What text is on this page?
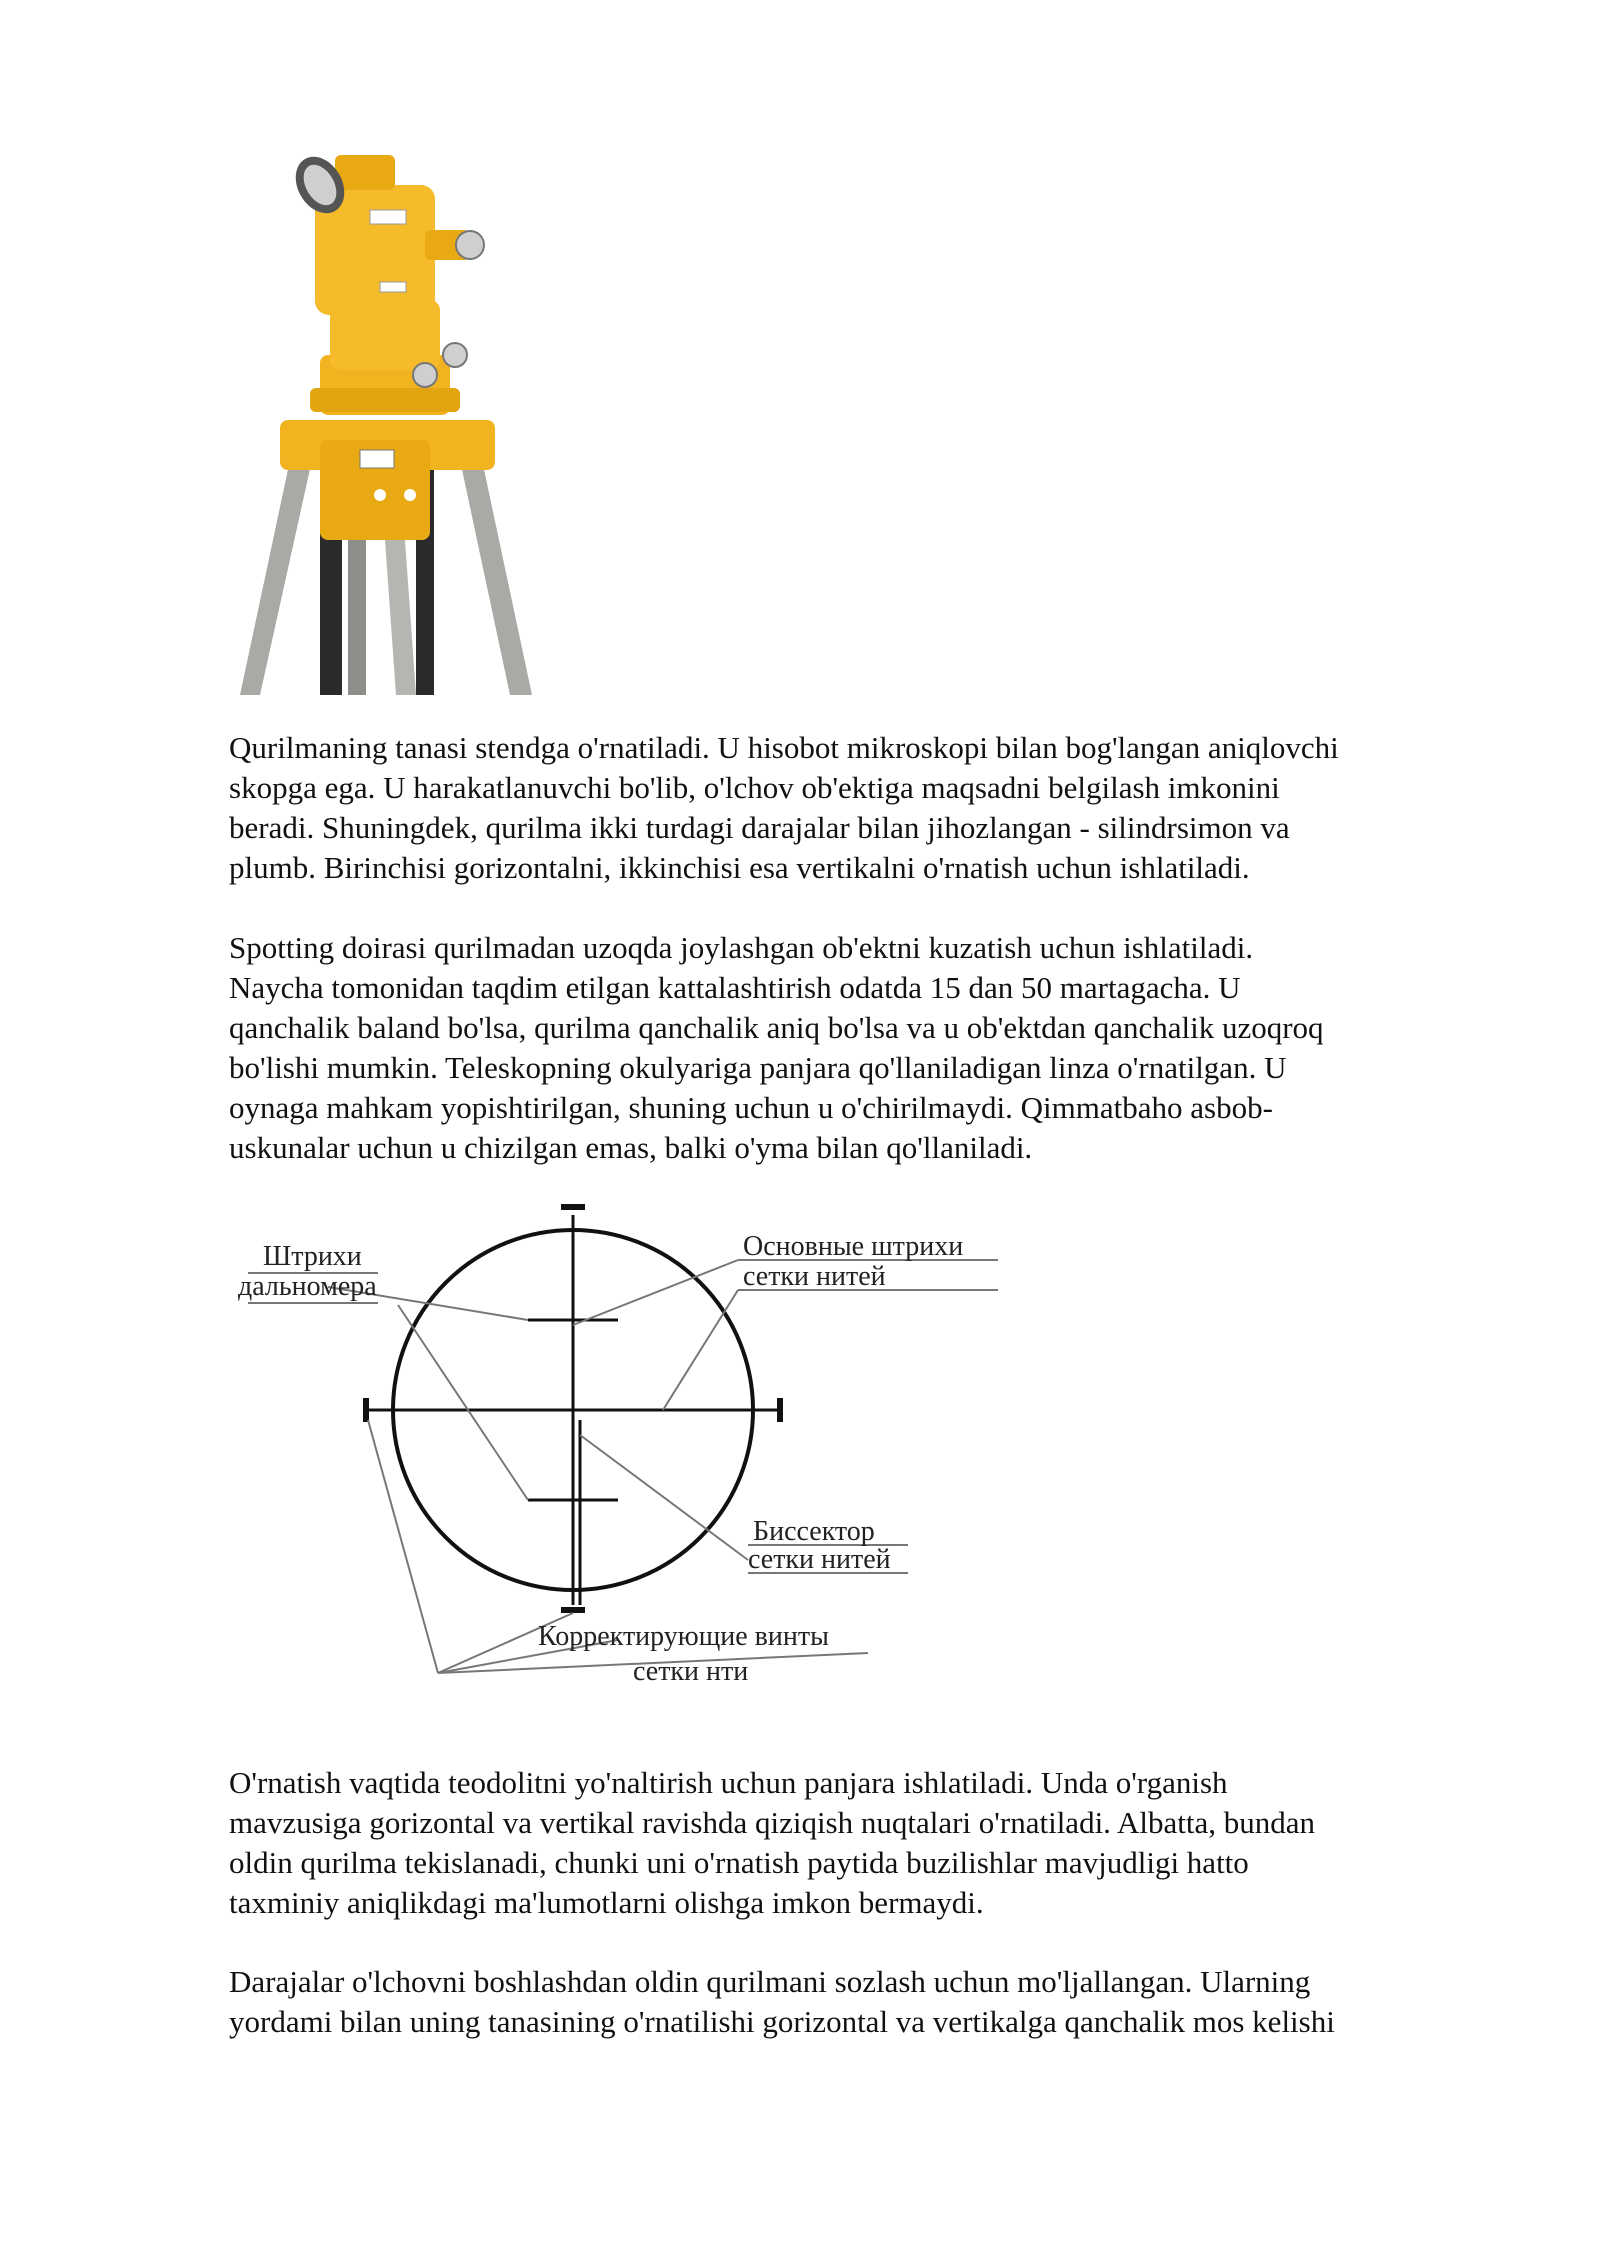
Qurilmaning tanasi stendga o'rnatiladi. U hisobot mikroskopi bilan bog'langan aniqlovchi
skopga ega. U harakatlanuvchi bo'lib, o'lchov ob'ektiga maqsadni belgilash imkonini
beradi. Shuningdek, qurilma ikki turdagi darajalar bilan jihozlangan - silindrsimon va
plumb. Birinchisi gorizontalni, ikkinchisi esa vertikalni o'rnatish uchun ishlatiladi.

Spotting doirasi qurilmadan uzoqda joylashgan ob'ektni kuzatish uchun ishlatiladi.
Naycha tomonidan taqdim etilgan kattalashtirish odatda 15 dan 50 martagacha. U
qanchalik baland bo'lsa, qurilma qanchalik aniq bo'lsa va u ob'ektdan qanchalik uzoqroq
bo'lishi mumkin. Teleskopning okulyariga panjara qo'llaniladigan linza o'rnatilgan. U
oynaga mahkam yopishtirilgan, shuning uchun u o'chirilmaydi. Qimmatbaho asbob-
uskunalar uchun u chizilgan emas, balki o'yma bilan qo'llaniladi.

Штрихи
дальномера
Основные штрихи
сетки нитей
Биссектор
сетки нитей
Корректирующие винты
сетки нти

O'rnatish vaqtida teodolitni yo'naltirish uchun panjara ishlatiladi. Unda o'rganish
mavzusiga gorizontal va vertikal ravishda qiziqish nuqtalari o'rnatiladi. Albatta, bundan
oldin qurilma tekislanadi, chunki uni o'rnatish paytida buzilishlar mavjudligi hatto
taxminiy aniqlikdagi ma'lumotlarni olishga imkon bermaydi.

Darajalar o'lchovni boshlashdan oldin qurilmani sozlash uchun mo'ljallangan. Ularning
yordami bilan uning tanasining o'rnatilishi gorizontal va vertikalga qanchalik mos kelishi
